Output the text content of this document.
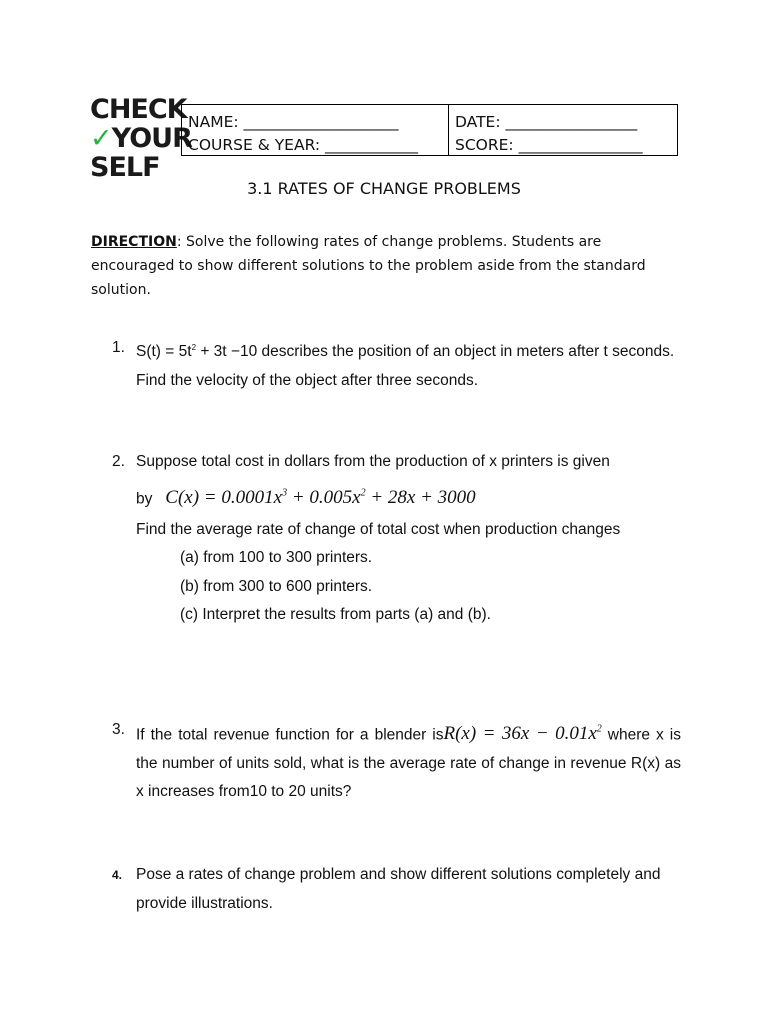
CHECK
✓YOUR
SELF
NAME: ____________________
COURSE & YEAR: ____________
DATE: _________________
SCORE: ________________
3.1 RATES OF CHANGE PROBLEMS
DIRECTION: Solve the following rates of change problems. Students are encouraged to show different solutions to the problem aside from the standard solution.
1. $S(t) = 5t^2 + 3t -10$ describes the position of an object in meters after t seconds. Find the velocity of the object after three seconds.
2. Suppose total cost in dollars from the production of x printers is given
by $C(x) = 0.0001x^3 + 0.005x^2 + 28x + 3000$
Find the average rate of change of total cost when production changes
(a) from 100 to 300 printers.
(b) from 300 to 600 printers.
(c) Interpret the results from parts (a) and (b).
3. If the total revenue function for a blender $isR(x) = 36x - 0.01x^2$ where x is the number of units sold, what is the average rate of change in revenue R(x) as x increases from10 to 20 units?
4. Pose a rates of change problem and show different solutions completely and provide illustrations.
